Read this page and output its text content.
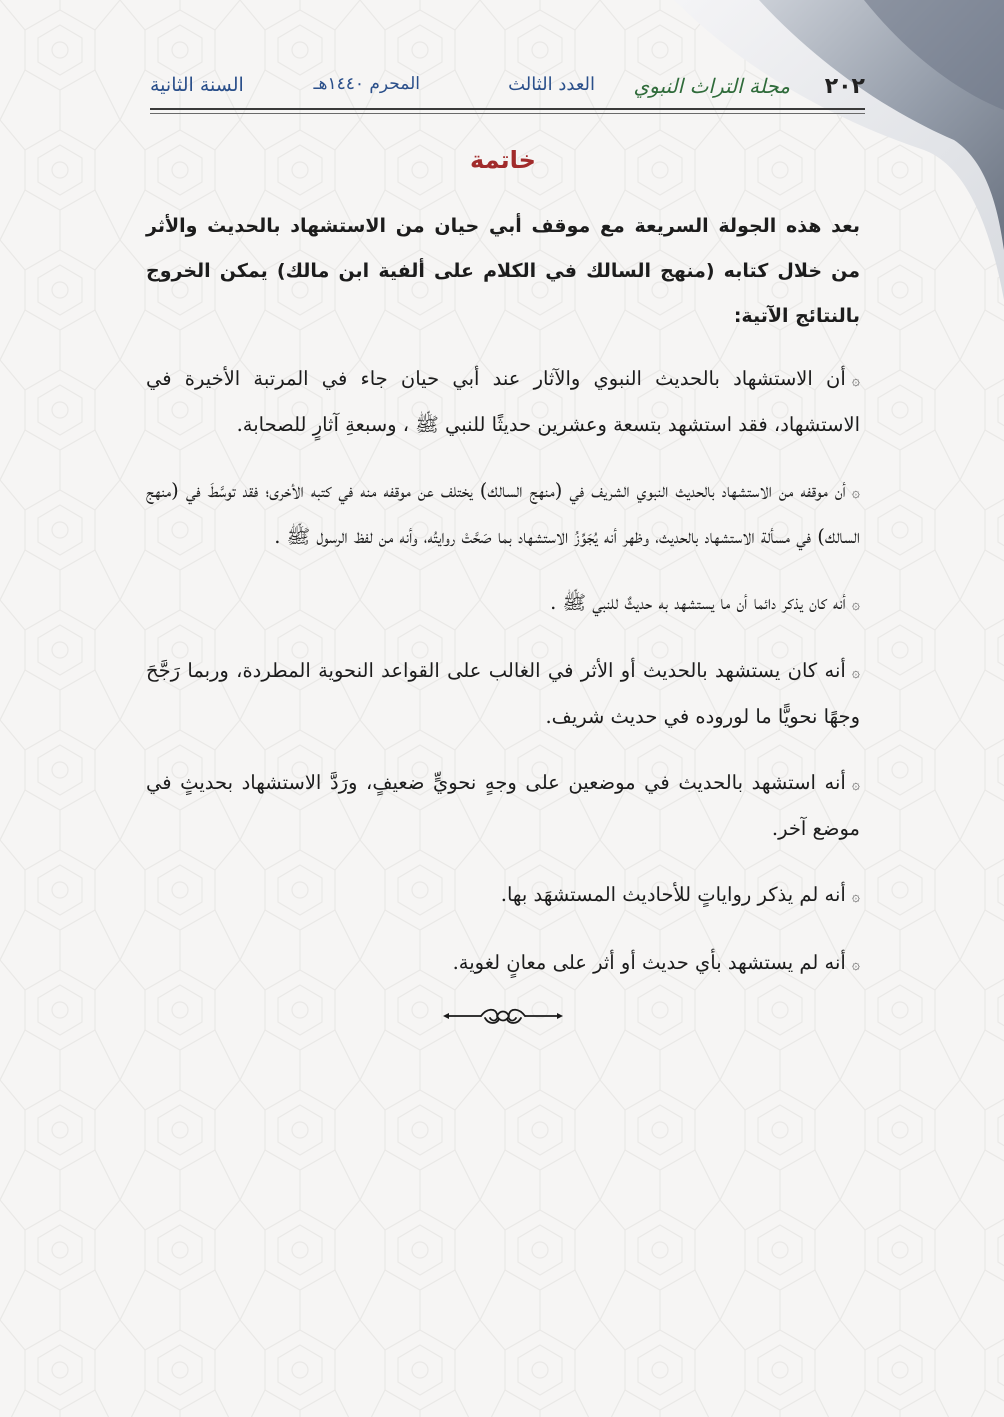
٢٠٢
مجلة التراث النبوي
العدد الثالث
المحرم ١٤٤٠هـ
السنة الثانية
خاتمة

بعد هذه الجولة السريعة مع موقف أبي حيان من الاستشهاد بالحديث والأثر من خلال كتابه (منهج السالك في الكلام على ألفية ابن مالك) يمكن الخروج بالنتائج الآتية:

۞أن الاستشهاد بالحديث النبوي والآثار عند أبي حيان جاء في المرتبة الأخيرة في الاستشهاد، فقد استشهد بتسعة وعشرين حديثًا للنبي ﷺ ، وسبعةِ آثارٍ للصحابة.

۞أن موقفه من الاستشهاد بالحديث النبوي الشريف في (منهج السالك) يختلف عن موقفه منه في كتبه الأخرى؛ فقد توسَّطَ في (منهج السالك) في مسألة الاستشهاد بالحديث، وظهر أنه يُجَوِّزُ الاستشهاد بما صَحَّتْ روايتُه، وأنه من لفظ الرسول ﷺ .

۞أنه كان يذكر دائما أن ما يستشهد به حديثٌ للنبي ﷺ .

۞أنه كان يستشهد بالحديث أو الأثر في الغالب على القواعد النحوية المطردة، وربما رَجَّحَ وجهًا نحويًّا ما لوروده في حديث شريف.

۞أنه استشهد بالحديث في موضعين على وجهٍ نحويٍّ ضعيفٍ، ورَدَّ الاستشهاد بحديثٍ في موضع آخر.

۞أنه لم يذكر رواياتٍ للأحاديث المستشهَد بها.

۞أنه لم يستشهد بأي حديث أو أثر على معانٍ لغوية.
